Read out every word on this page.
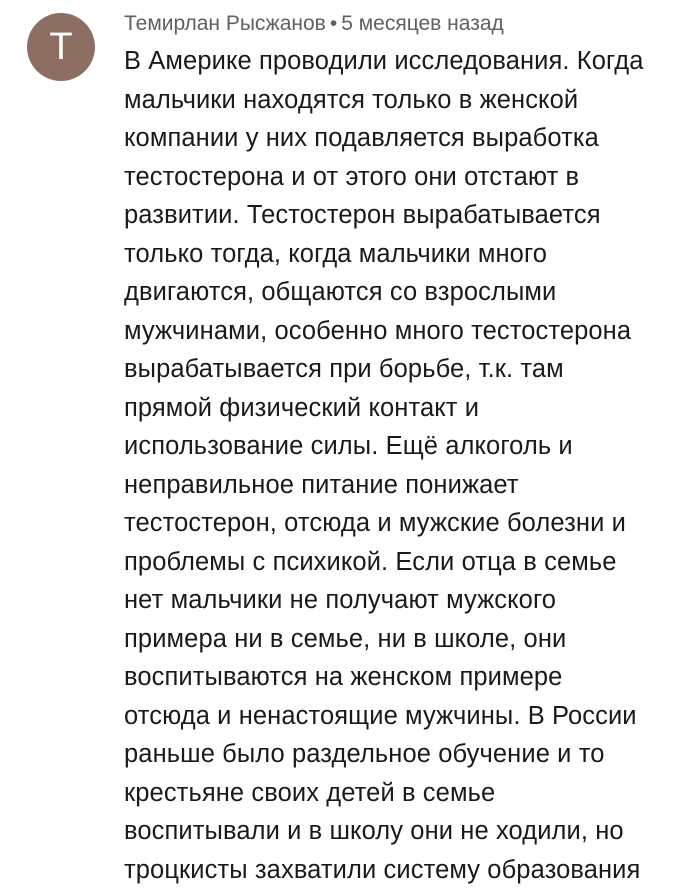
Т
Темирлан Рысжанов • 5 месяцев назад
В Америке проводили исследования. Когда
мальчики находятся только в женской
компании у них подавляется выработка
тестостерона и от этого они отстают в
развитии. Тестостерон вырабатывается
только тогда, когда мальчики много
двигаются, общаются со взрослыми
мужчинами, особенно много тестостерона
вырабатывается при борьбе, т.к. там
прямой физический контакт и
использование силы. Ещё алкоголь и
неправильное питание понижает
тестостерон, отсюда и мужские болезни и
проблемы с психикой. Если отца в семье
нет мальчики не получают мужского
примера ни в семье, ни в школе, они
воспитываются на женском примере
отсюда и ненастоящие мужчины. В России
раньше было раздельное обучение и то
крестьяне своих детей в семье
воспитывали и в школу они не ходили, но
троцкисты захватили систему образования
